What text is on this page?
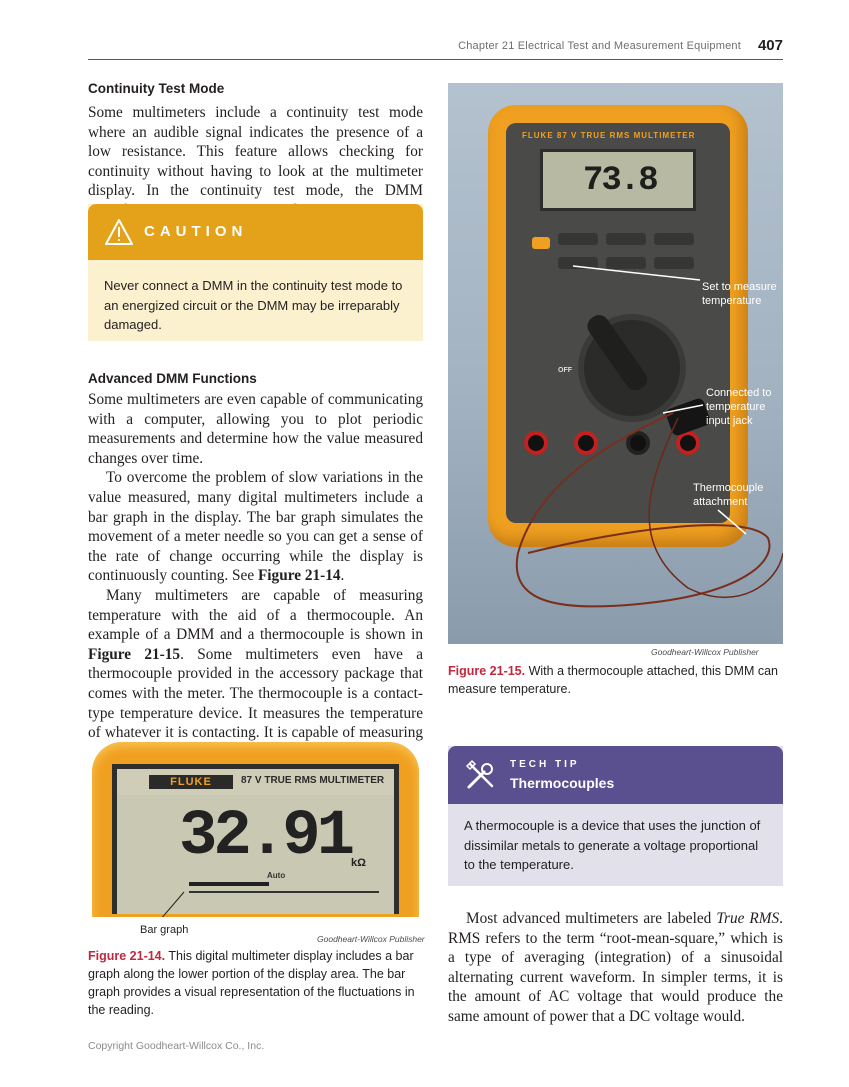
Chapter 21 Electrical Test and Measurement Equipment 407
Continuity Test Mode

Some multimeters include a continuity test mode where an audible signal indicates the presence of a low resistance. This feature allows checking for continuity without having to look at the multimeter display. In the continuity test mode, the DMM

CAUTION
Never connect a DMM in the continuity test mode to an energized circuit or the DMM may be irreparably damaged.
Advanced DMM Functions

Some multimeters are even capable of communicating with a computer, allowing you to plot periodic measurements and determine how the value measured changes over time.

To overcome the problem of slow variations in the value measured, many digital multimeters include a bar graph in the display. The bar graph simulates the movement of a meter needle so you can get a sense of the rate of change occurring while the display is continuously counting. See Figure 21-14.

Many multimeters are capable of measuring temperature with the aid of a thermocouple. An example of a DMM and a thermocouple is shown in Figure 21-15. Some multimeters even have a thermocouple provided in the accessory package that comes with the meter. The thermocouple is a contact-type temperature device. It measures the temperature of whatever it is contacting. It is capable of measuring

FLUKE 87 V TRUE RMS MULTIMETER
73.8
OFF
Set to measure temperature
Connected to temperature input jack
Thermocouple attachment
Goodheart-Willcox Publisher
Figure 21-15. With a thermocouple attached, this DMM can measure temperature.
FLUKE	87 V TRUE RMS MULTIMETER
32.91 kΩ
Auto
Bar graph
Goodheart-Willcox Publisher
Figure 21-14. This digital multimeter display includes a bar graph along the lower portion of the display area. The bar graph provides a visual representation of the fluctuations in the reading.
TECH TIP
Thermocouples
A thermocouple is a device that uses the junction of dissimilar metals to generate a voltage proportional to the temperature.

Most advanced multimeters are labeled True RMS. RMS refers to the term “root-mean-square,” which is a type of averaging (integration) of a sinusoidal alternating current waveform. In simpler terms, it is the amount of AC voltage that would produce the same amount of power that a DC voltage would.

Copyright Goodheart-Willcox Co., Inc.
